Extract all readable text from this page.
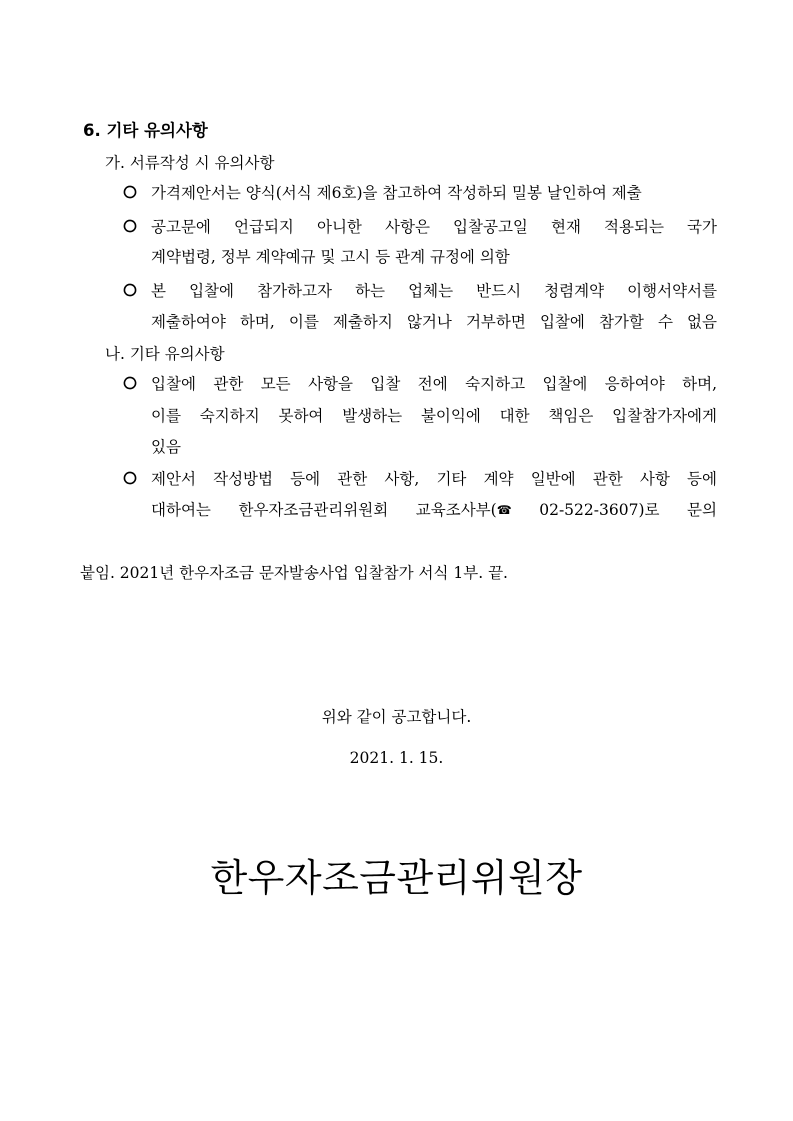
6. 기타 유의사항
가. 서류작성 시 유의사항
가격제안서는 양식(서식 제6호)을 참고하여 작성하되 밀봉 날인하여 제출
공고문에 언급되지 아니한 사항은 입찰공고일 현재 적용되는 국가
계약법령, 정부 계약예규 및 고시 등 관계 규정에 의함
본 입찰에 참가하고자 하는 업체는 반드시 청렴계약 이행서약서를
제출하여야 하며, 이를 제출하지 않거나 거부하면 입찰에 참가할 수 없음
나. 기타 유의사항
입찰에 관한 모든 사항을 입찰 전에 숙지하고 입찰에 응하여야 하며,
이를 숙지하지 못하여 발생하는 불이익에 대한 책임은 입찰참가자에게
있음
제안서 작성방법 등에 관한 사항, 기타 계약 일반에 관한 사항 등에
대하여는 한우자조금관리위원회 교육조사부(☎ 02-522-3607)로 문의
붙임. 2021년 한우자조금 문자발송사업 입찰참가 서식 1부. 끝.
위와 같이 공고합니다.
2021. 1. 15.
한우자조금관리위원장
